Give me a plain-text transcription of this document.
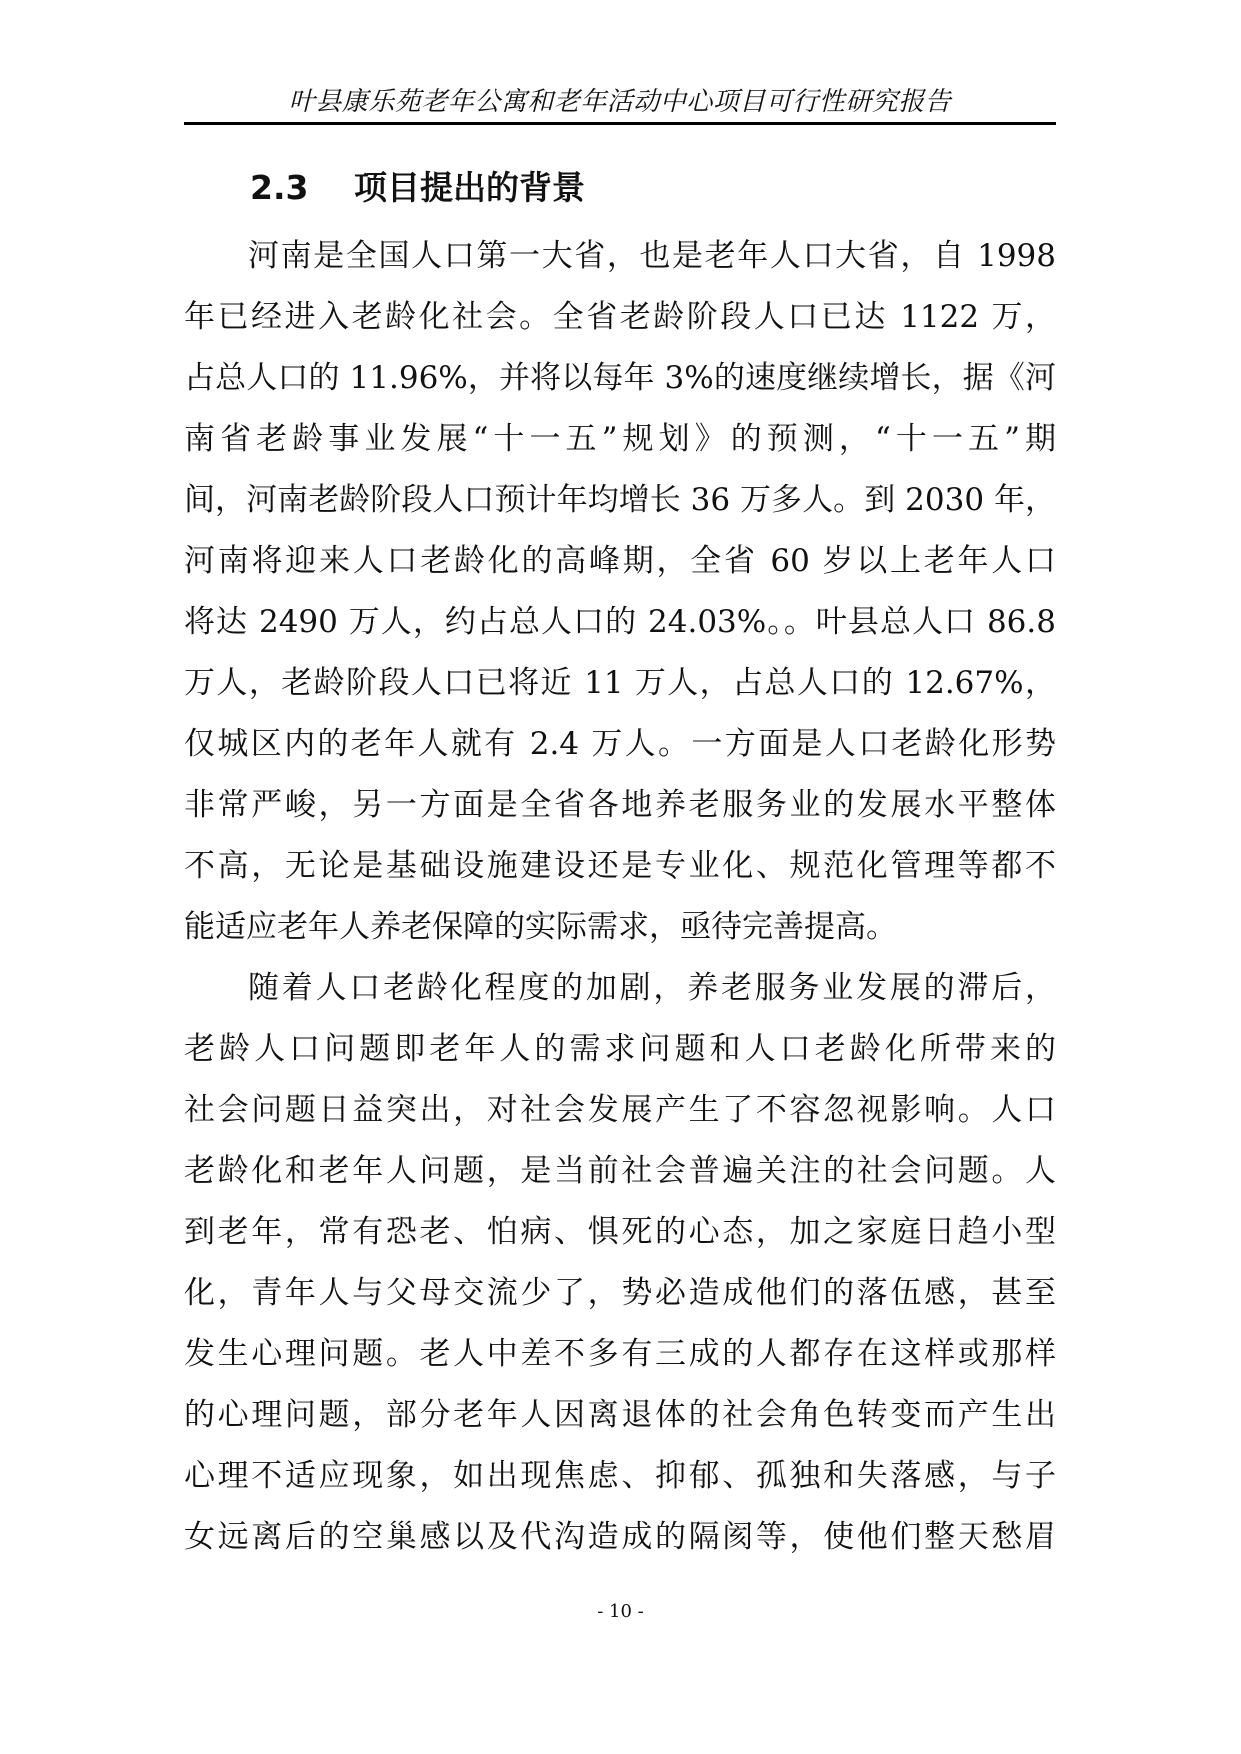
叶县康乐苑老年公寓和老年活动中心项目可行性研究报告
2.3 项目提出的背景
河南是全国人口第一大省，也是老年人口大省，自 1998
年已经进入老龄化社会。全省老龄阶段人口已达 1122 万，
占总人口的 11.96%，并将以每年 3%的速度继续增长，据《河
南省老龄事业发展“十一五”规划》的预测，“十一五”期
间，河南老龄阶段人口预计年均增长 36 万多人。到 2030 年，
河南将迎来人口老龄化的高峰期，全省 60 岁以上老年人口
将达 2490 万人，约占总人口的 24.03%。。叶县总人口 86.8
万人，老龄阶段人口已将近 11 万人，占总人口的 12.67%，
仅城区内的老年人就有 2.4 万人。一方面是人口老龄化形势
非常严峻，另一方面是全省各地养老服务业的发展水平整体
不高，无论是基础设施建设还是专业化、规范化管理等都不
能适应老年人养老保障的实际需求，亟待完善提高。
随着人口老龄化程度的加剧，养老服务业发展的滞后，
老龄人口问题即老年人的需求问题和人口老龄化所带来的
社会问题日益突出，对社会发展产生了不容忽视影响。人口
老龄化和老年人问题，是当前社会普遍关注的社会问题。人
到老年，常有恐老、怕病、惧死的心态，加之家庭日趋小型
化，青年人与父母交流少了，势必造成他们的落伍感，甚至
发生心理问题。老人中差不多有三成的人都存在这样或那样
的心理问题，部分老年人因离退体的社会角色转变而产生出
心理不适应现象，如出现焦虑、抑郁、孤独和失落感，与子
女远离后的空巢感以及代沟造成的隔阂等，使他们整天愁眉
- 10 -
